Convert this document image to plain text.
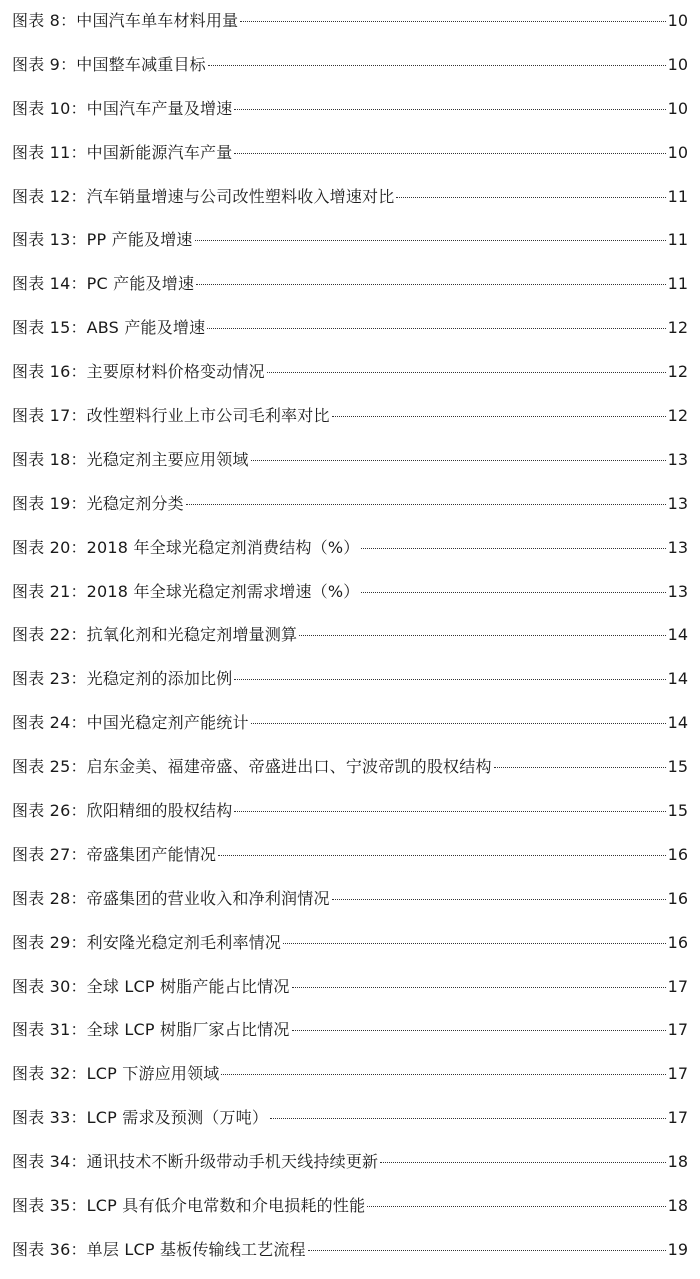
图表 8：中国汽车单车材料用量	10
图表 9：中国整车减重目标	10
图表 10：中国汽车产量及增速	10
图表 11：中国新能源汽车产量	10
图表 12：汽车销量增速与公司改性塑料收入增速对比	11
图表 13：PP 产能及增速	11
图表 14：PC 产能及增速	11
图表 15：ABS 产能及增速	12
图表 16：主要原材料价格变动情况	12
图表 17：改性塑料行业上市公司毛利率对比	12
图表 18：光稳定剂主要应用领域	13
图表 19：光稳定剂分类	13
图表 20：2018 年全球光稳定剂消费结构（%）	13
图表 21：2018 年全球光稳定剂需求增速（%）	13
图表 22：抗氧化剂和光稳定剂增量测算	14
图表 23：光稳定剂的添加比例	14
图表 24：中国光稳定剂产能统计	14
图表 25：启东金美、福建帝盛、帝盛进出口、宁波帝凯的股权结构	15
图表 26：欣阳精细的股权结构	15
图表 27：帝盛集团产能情况	16
图表 28：帝盛集团的营业收入和净利润情况	16
图表 29：利安隆光稳定剂毛利率情况	16
图表 30：全球 LCP 树脂产能占比情况	17
图表 31：全球 LCP 树脂厂家占比情况	17
图表 32：LCP 下游应用领域	17
图表 33：LCP 需求及预测（万吨）	17
图表 34：通讯技术不断升级带动手机天线持续更新	18
图表 35：LCP 具有低介电常数和介电损耗的性能	18
图表 36：单层 LCP 基板传输线工艺流程	19
